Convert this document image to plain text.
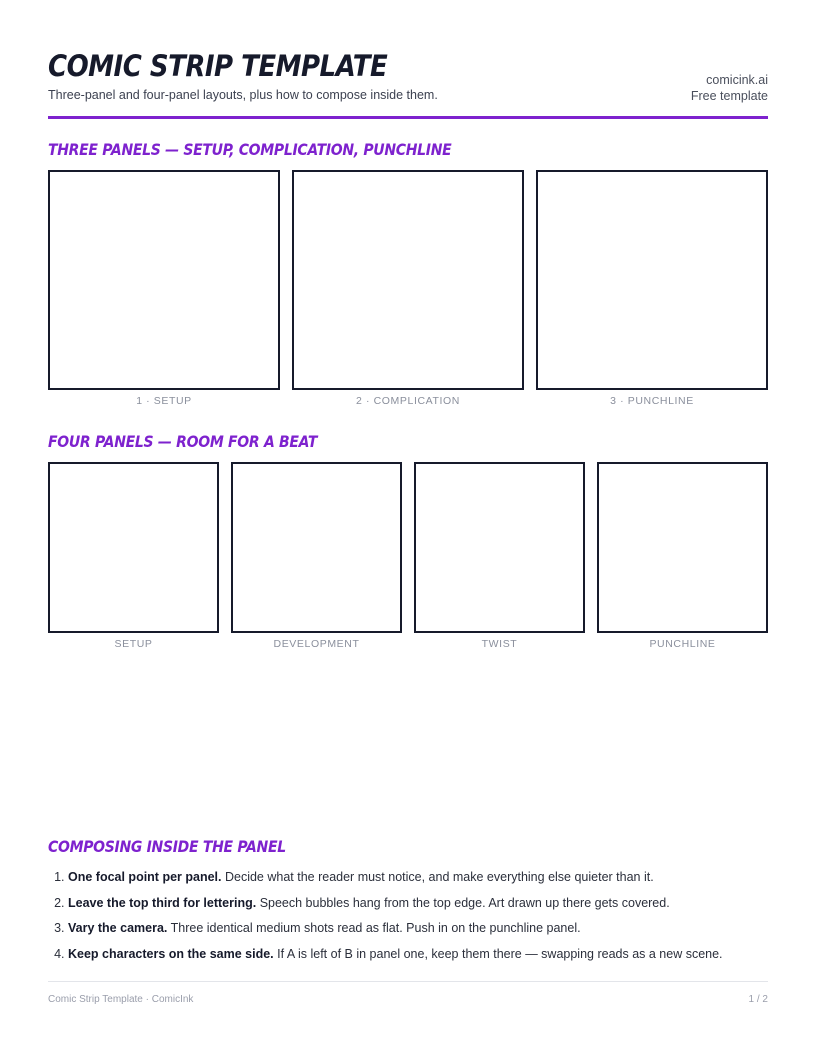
COMIC STRIP TEMPLATE
Three-panel and four-panel layouts, plus how to compose inside them.
comicink.ai
Free template
THREE PANELS — SETUP, COMPLICATION, PUNCHLINE
1 · SETUP	2 · COMPLICATION	3 · PUNCHLINE
FOUR PANELS — ROOM FOR A BEAT
SETUP	DEVELOPMENT	TWIST	PUNCHLINE
COMPOSING INSIDE THE PANEL
1. One focal point per panel. Decide what the reader must notice, and make everything else quieter than it.
2. Leave the top third for lettering. Speech bubbles hang from the top edge. Art drawn up there gets covered.
3. Vary the camera. Three identical medium shots read as flat. Push in on the punchline panel.
4. Keep characters on the same side. If A is left of B in panel one, keep them there — swapping reads as a new scene.
Comic Strip Template · ComicInk	1 / 2
